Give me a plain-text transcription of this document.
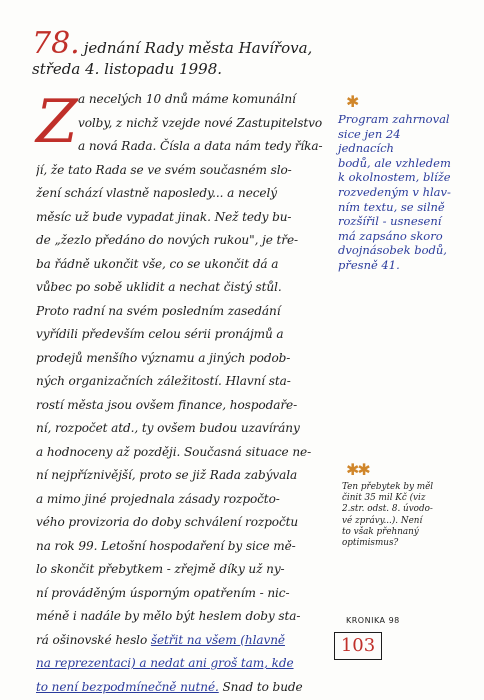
78. jednání Rady města Havířova,
středa 4. listopadu 1998.
Z a necelých 10 dnů máme komunální
volby, z nichž vzejde nové Zastupitelstvo
a nová Rada. Čísla a data nám tedy říka-
jí, že tato Rada se ve svém současném slo-
žení schází vlastně naposledy... a necelý
měsíc už bude vypadat jinak. Než tedy bu-
de „žezlo předáno do nových rukou", je tře-
ba řádně ukončit vše, co se ukončit dá a
vůbec po sobě uklidit a nechat čistý stůl.
Proto radní na svém posledním zasedání
vyřídili především celou sérii pronájmů a
prodejů menšího významu a jiných podob-
ných organizačních záležitostí. Hlavní sta-
rostí města jsou ovšem finance, hospodaře-
ní, rozpočet atd., ty ovšem budou uzavírány
a hodnoceny až později. Současná situace ne-
ní nejpříznivější, proto se již Rada zabývala
a mimo jiné projednala zásady rozpočto-
vého provizoria do doby schválení rozpočtu
na rok 99. Letošní hospodaření by sice mě-
lo skončit přebytkem - zřejmě díky už ny-
ní prováděným úsporným opatřením - nic-
méně i nadále by mělo být heslem doby sta-
rá ošinovské heslo šetřit na všem (hlavně
na reprezentaci) a nedat ani groš tam, kde
to není bezpodmínečně nutné. Snad to bude
✱
Program zahrnoval
sice jen 24 jednacích
bodů, ale vzhledem
k okolnostem, blíže
rozvedeným v hlav-
ním textu, se silně
rozšířil - usnesení
má zapsáno skoro
dvojnásobek bodů,
přesně 41.
✱✱
Ten přebytek by měl
činit 35 mil Kč (viz
2.str. odst. 8. úvodo-
vé zprávy...). Není
to však přehnaný
optimismus?
KRONIKA 98
103
